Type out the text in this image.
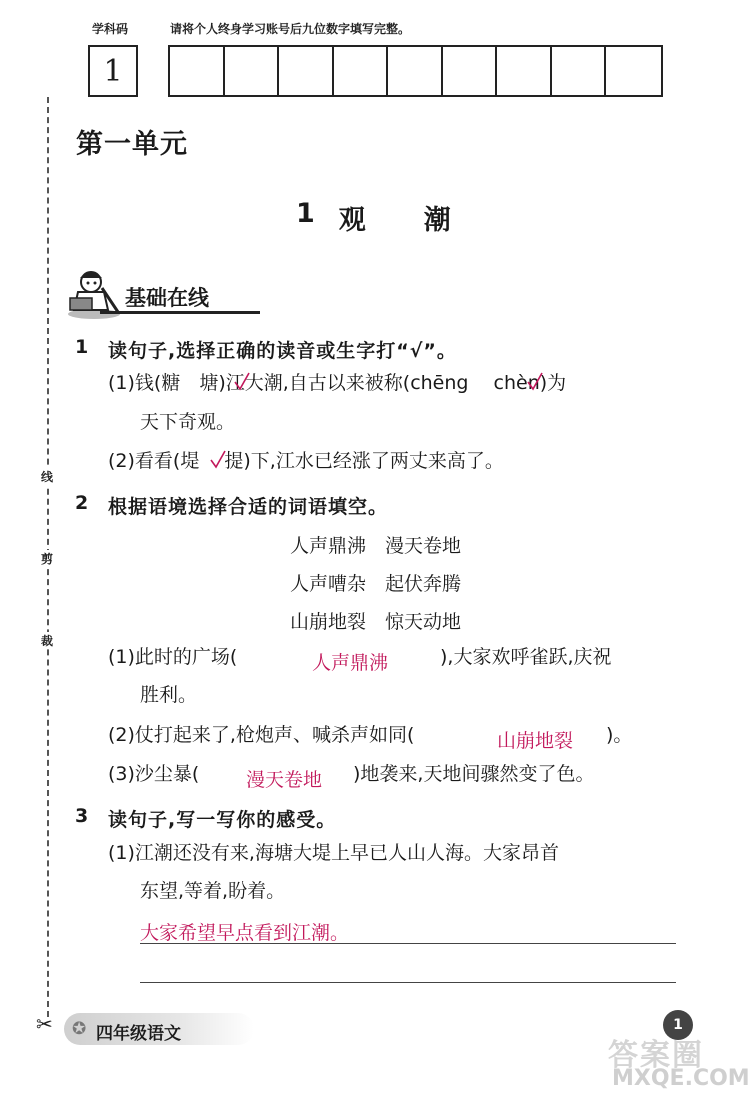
学科码	请将个人终身学习账号后九位数字填写完整。
1
线
剪
裁
✂
第一单元
1 观 潮
基础在线
1 读句子,选择正确的读音或生字打“√”。
(1)钱(糖　塘)江大潮,自古以来被称(chēng　 chèn)为
天下奇观。
(2)看看(堤　 提)下,江水已经涨了两丈来高了。
2 根据语境选择合适的词语填空。
人声鼎沸　漫天卷地
人声嘈杂　起伏奔腾
山崩地裂　惊天动地
(1)此时的广场(	人声鼎沸	),大家欢呼雀跃,庆祝
胜利。
(2)仗打起来了,枪炮声、喊杀声如同(	山崩地裂 )。
(3)沙尘暴( 漫天卷地 )地袭来,天地间骤然变了色。
3 读句子,写一写你的感受。
(1)江潮还没有来,海塘大堤上早已人山人海。大家昂首
东望,等着,盼着。
大家希望早点看到江潮。
✪ 四年级语文	1
答案圈
MXQE.COM
